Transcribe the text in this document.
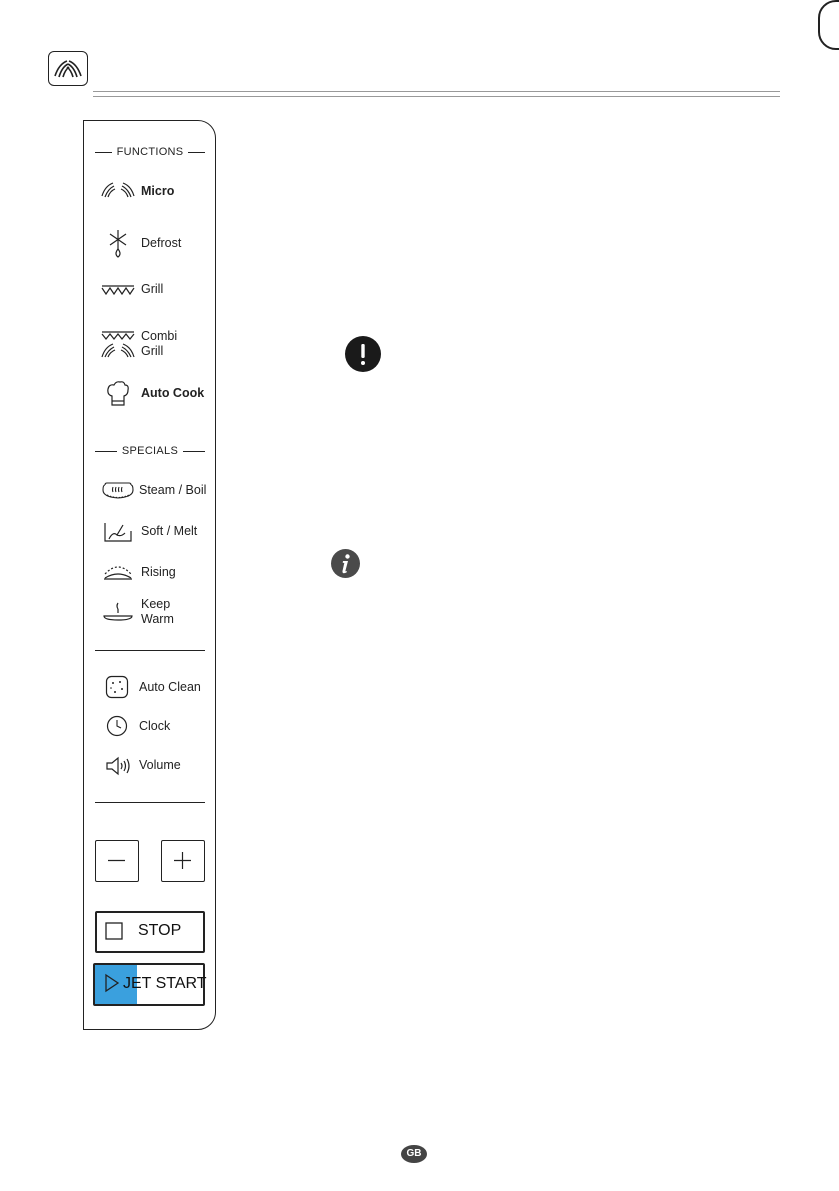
FUNCTIONS
Micro
Defrost
Grill
Combi
Grill
Auto Cook
SPECIALS
Steam / Boil
Soft / Melt
Rising
Keep
Warm
Auto Clean
Clock
Volume
STOP
JET START
GB
